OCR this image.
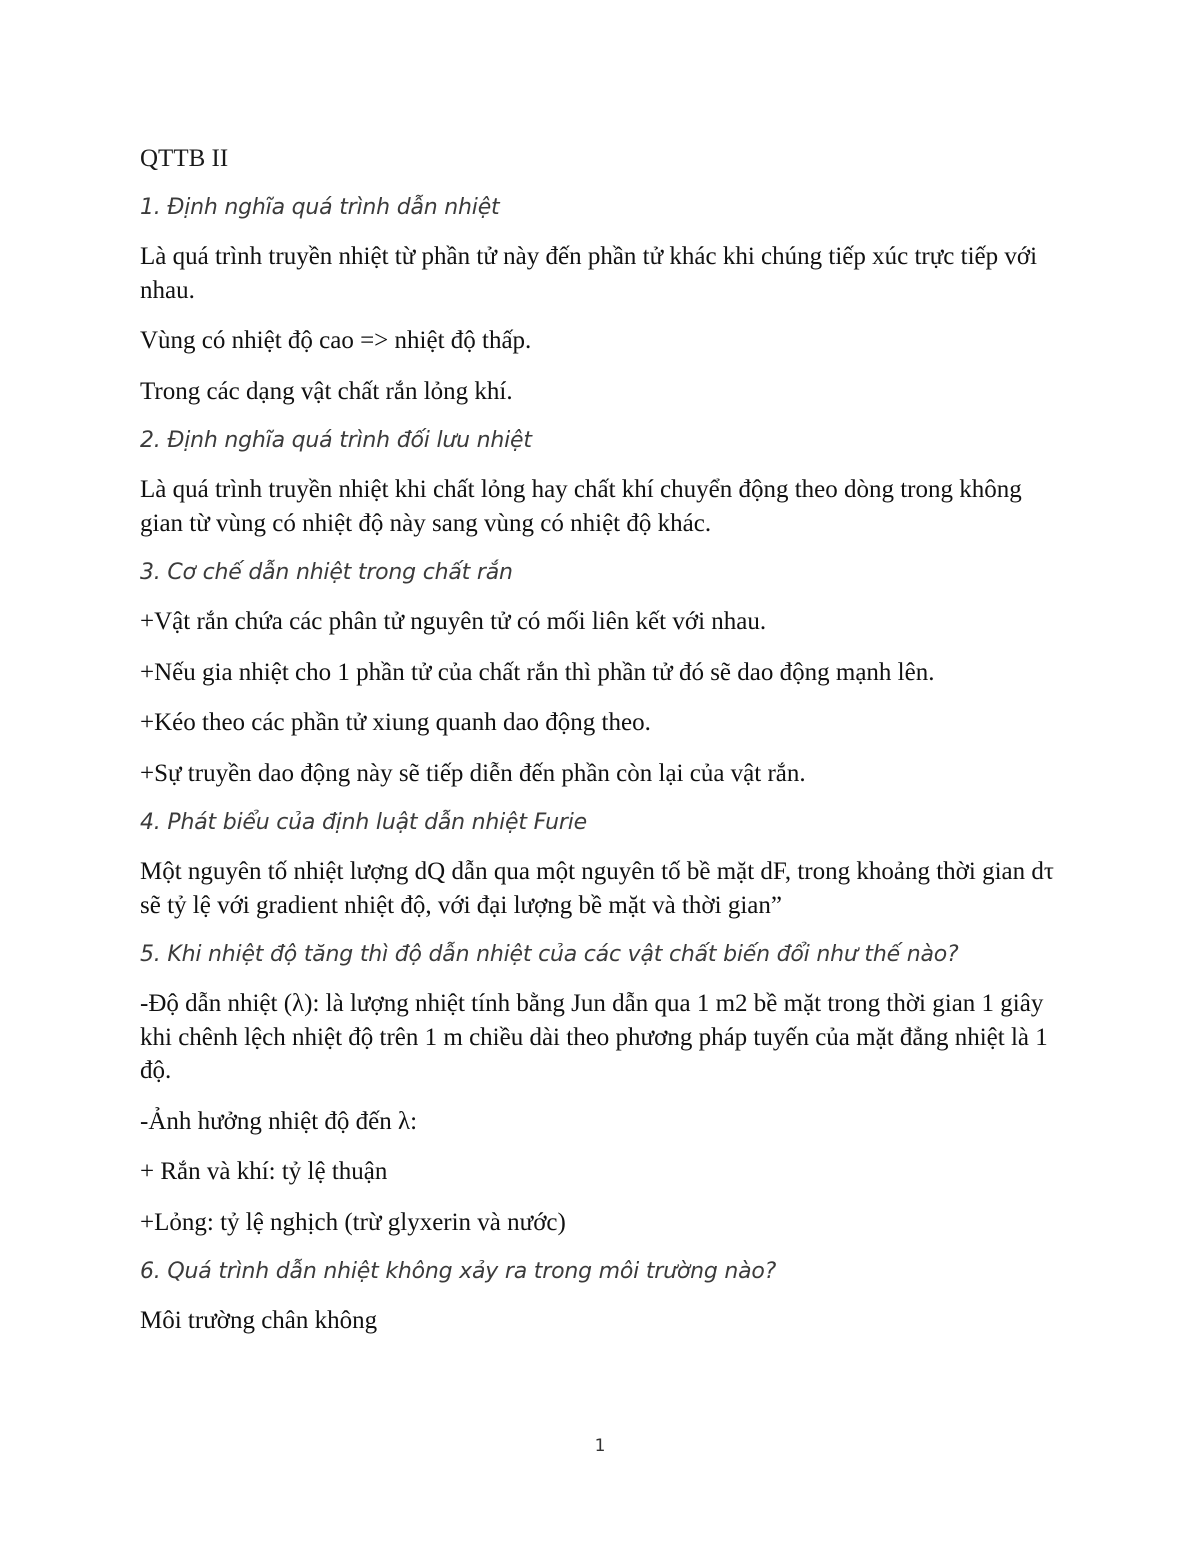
QTTB II

1. Định nghĩa quá trình dẫn nhiệt

Là quá trình truyền nhiệt từ phần tử này đến phần tử khác khi chúng tiếp xúc trực tiếp với nhau.

Vùng có nhiệt độ cao => nhiệt độ thấp.

Trong các dạng vật chất rắn lỏng khí.

2. Định nghĩa quá trình đối lưu nhiệt

Là quá trình truyền nhiệt khi chất lỏng hay chất khí chuyển động theo dòng trong không gian từ vùng có nhiệt độ này sang vùng có nhiệt độ khác.

3. Cơ chế dẫn nhiệt trong chất rắn

+Vật rắn chứa các phân tử nguyên tử có mối liên kết với nhau.

+Nếu gia nhiệt cho 1 phần tử của chất rắn thì phần tử đó sẽ dao động mạnh lên.

+Kéo theo các phần tử xiung quanh dao động theo.

+Sự truyền dao động này sẽ tiếp diễn đến phần còn lại của vật rắn.

4. Phát biểu của định luật dẫn nhiệt Furie

Một nguyên tố nhiệt lượng dQ dẫn qua một nguyên tố bề mặt dF, trong khoảng thời gian dτ sẽ tỷ lệ với gradient nhiệt độ, với đại lượng bề mặt và thời gian”

5. Khi nhiệt độ tăng thì độ dẫn nhiệt của các vật chất biến đổi như thế nào?

-Độ dẫn nhiệt (λ): là lượng nhiệt tính bằng Jun dẫn qua 1 m2 bề mặt trong thời gian 1 giây khi chênh lệch nhiệt độ trên 1 m chiều dài theo phương pháp tuyến của mặt đẳng nhiệt là 1 độ.

-Ảnh hưởng nhiệt độ đến λ:

+ Rắn và khí: tỷ lệ thuận

+Lỏng: tỷ lệ nghịch (trừ glyxerin và nước)

6. Quá trình dẫn nhiệt không xảy ra trong môi trường nào?

Môi trường chân không

1
